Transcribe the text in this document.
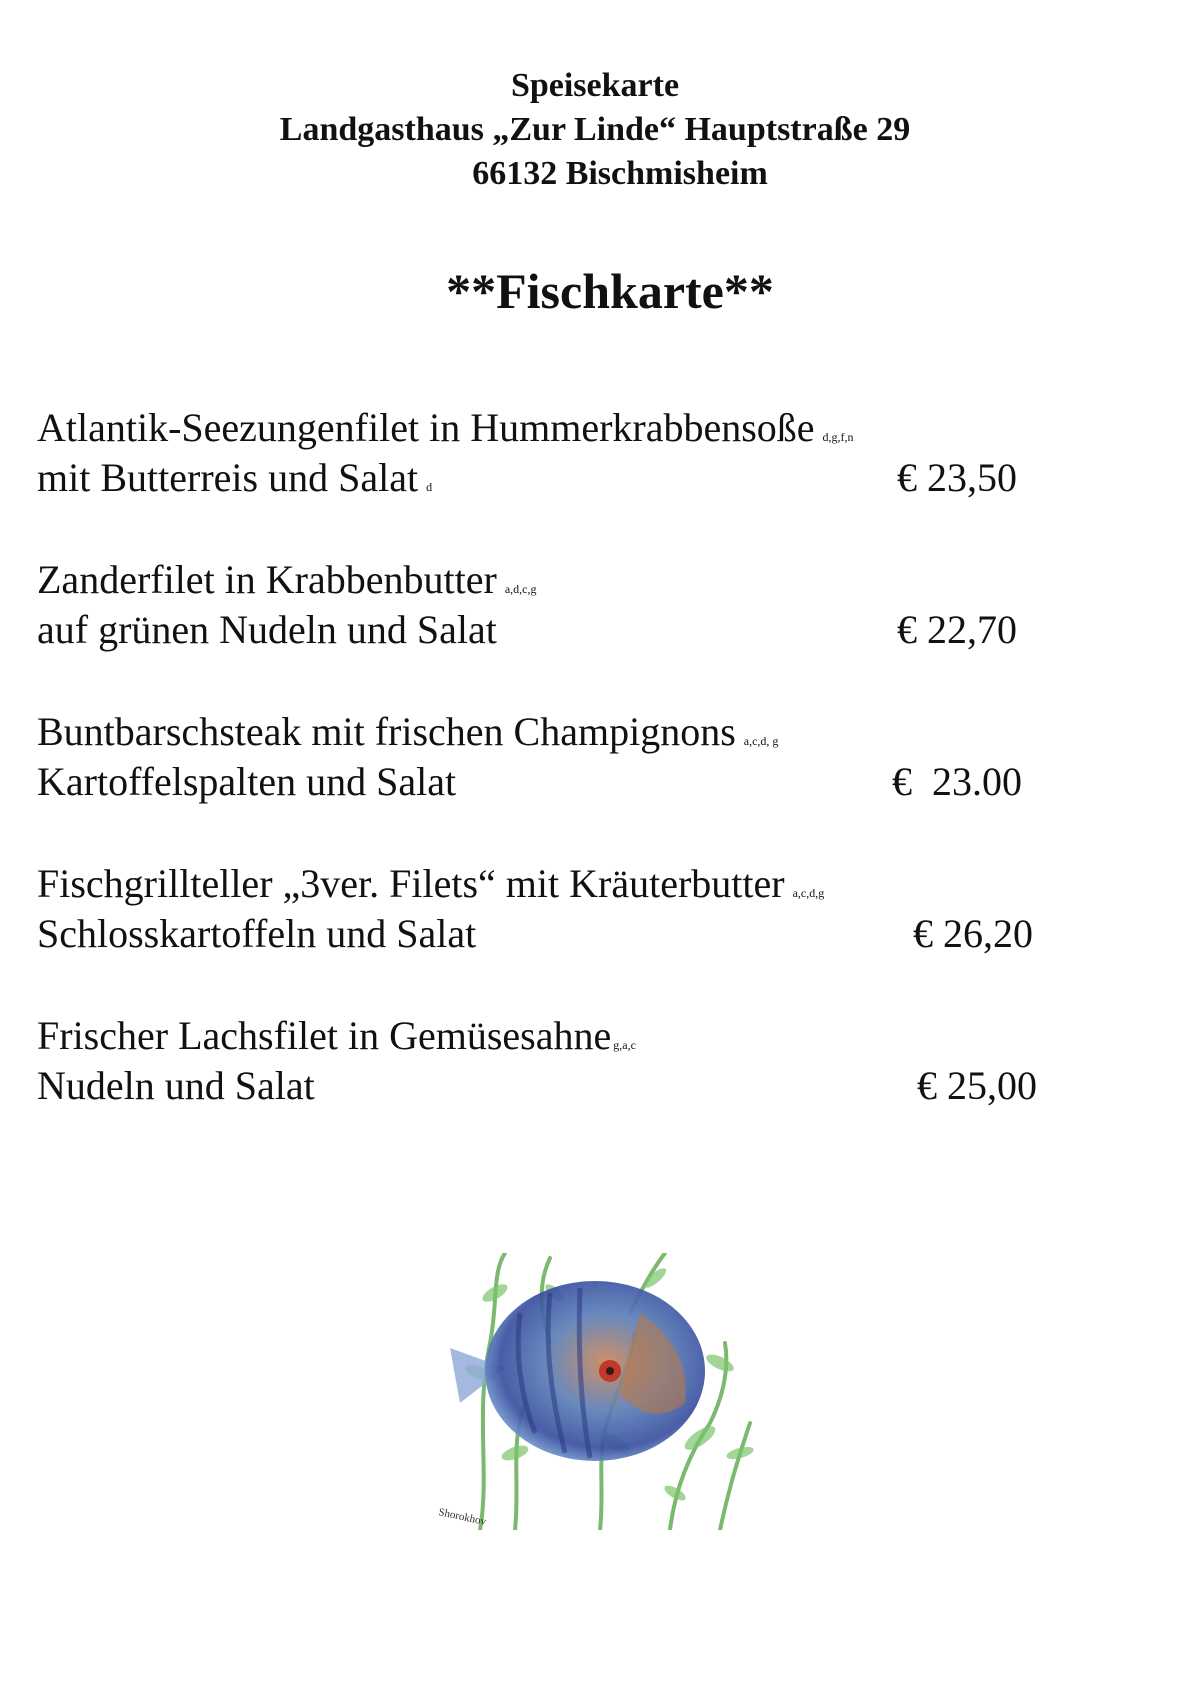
Speisekarte
Landgasthaus „Zur Linde“ Hauptstraße 29
66132 Bischmisheim
**Fischkarte**
Atlantik-Seezungenfilet in Hummerkrabbensoße d,g,f,n
mit Butterreis und Salat d	€ 23,50
Zanderfilet in Krabbenbutter a,d,c,g
auf grünen Nudeln und Salat	€ 22,70
Buntbarschsteak mit frischen Champignons a,c,d, g
Kartoffelspalten und Salat	€  23.00
Fischgrillteller „3ver. Filets“ mit Kräuterbutter a,c,d,g
Schlosskartoffeln und Salat	€ 26,20
Frischer Lachsfilet in Gemüsesahne g,a,c
Nudeln und Salat	€ 25,00
Shorokhov
